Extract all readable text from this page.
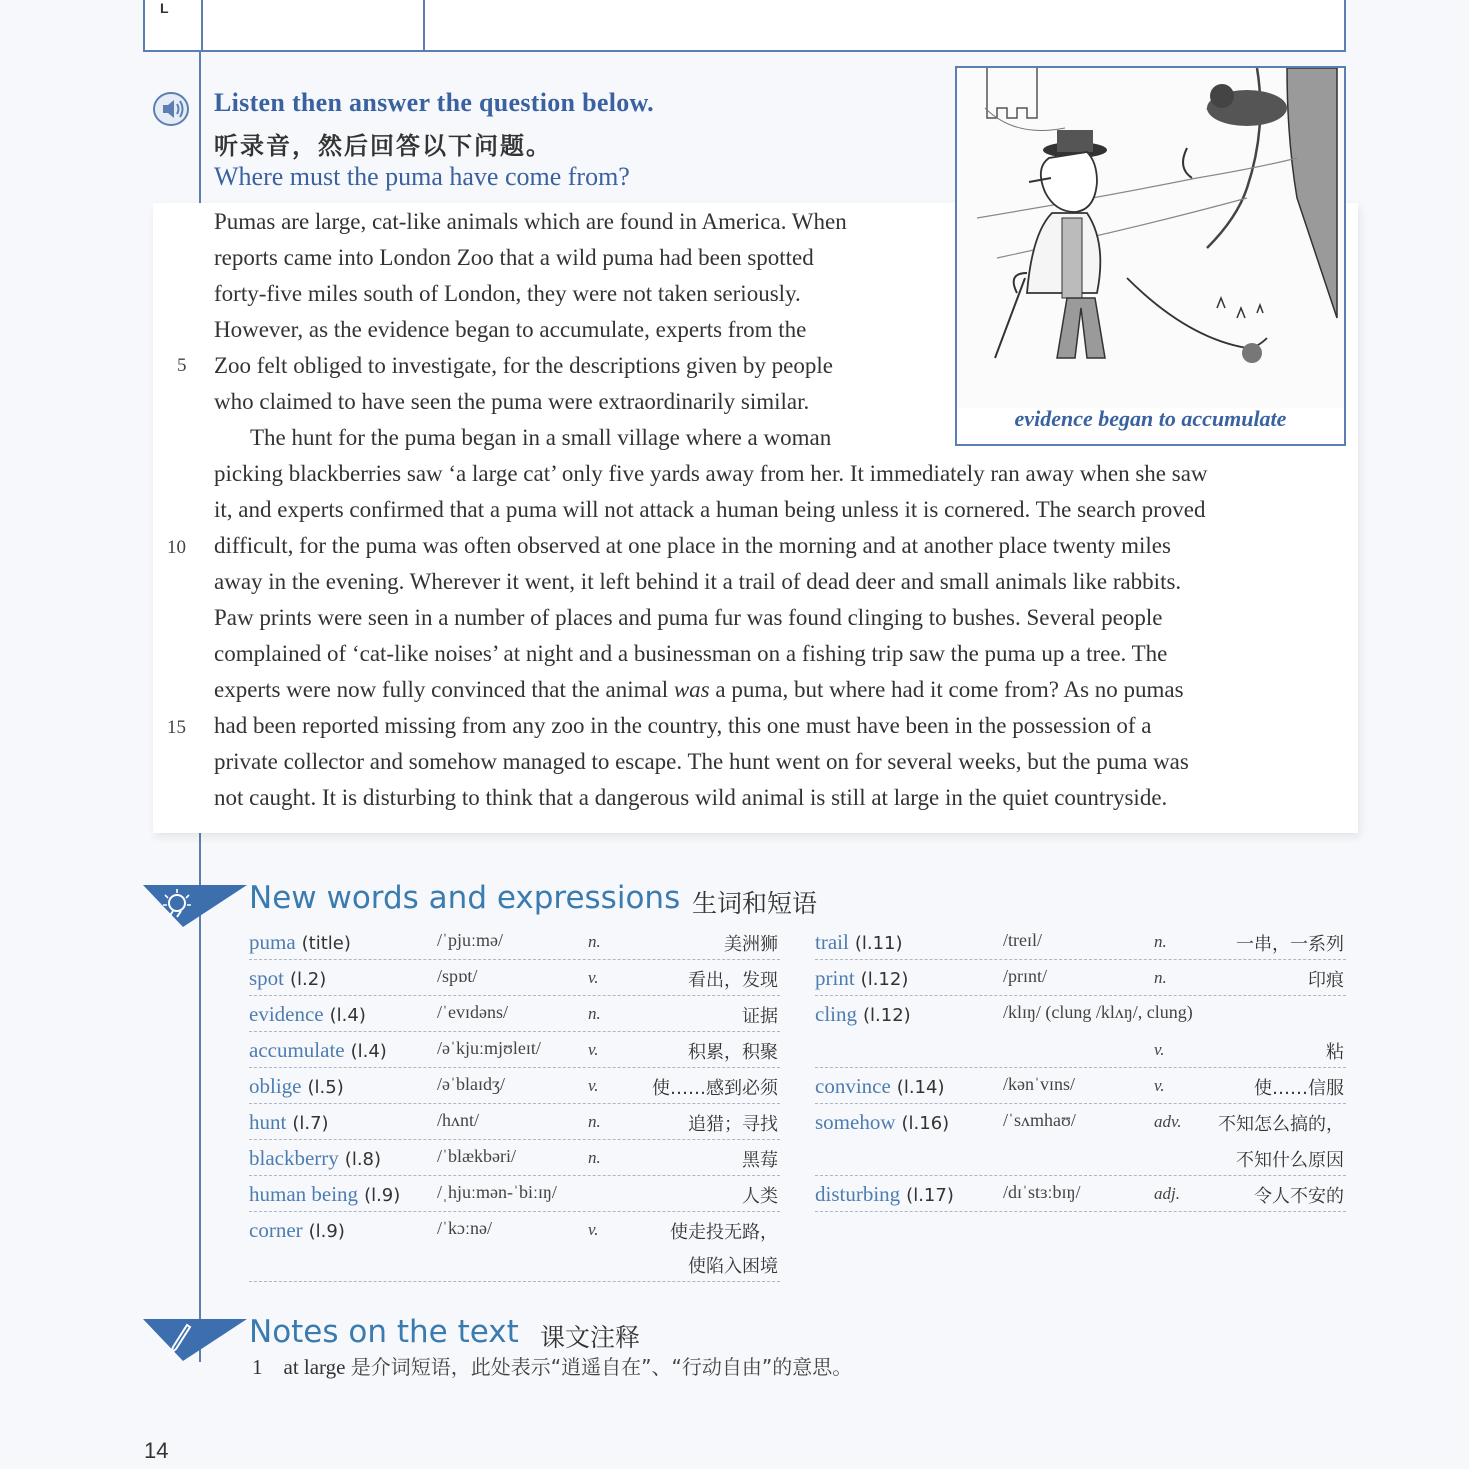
L
Listen then answer the question below.
听录音，然后回答以下问题。
Where must the puma have come from?
evidence began to accumulate
Pumas are large, cat-like animals which are found in America. When
reports came into London Zoo that a wild puma had been spotted
forty-five miles south of London, they were not taken seriously.
However, as the evidence began to accumulate, experts from the
Zoo felt obliged to investigate, for the descriptions given by people
who claimed to have seen the puma were extraordinarily similar.
The hunt for the puma began in a small village where a woman
picking blackberries saw ‘a large cat’ only five yards away from her. It immediately ran away when she saw
it, and experts confirmed that a puma will not attack a human being unless it is cornered. The search proved
difficult, for the puma was often observed at one place in the morning and at another place twenty miles
away in the evening. Wherever it went, it left behind it a trail of dead deer and small animals like rabbits.
Paw prints were seen in a number of places and puma fur was found clinging to bushes. Several people
complained of ‘cat-like noises’ at night and a businessman on a fishing trip saw the puma up a tree. The
experts were now fully convinced that the animal was a puma, but where had it come from? As no pumas
had been reported missing from any zoo in the country, this one must have been in the possession of a
private collector and somehow managed to escape. The hunt went on for several weeks, but the puma was
not caught. It is disturbing to think that a dangerous wild animal is still at large in the quiet countryside.
5
10
15
New words and expressions 生词和短语
puma (title)	/ˈpjuːmə/	n.	美洲狮
spot (l.2)	/spɒt/	v.	看出，发现
evidence (l.4)	/ˈevɪdəns/	n.	证据
accumulate (l.4)	/əˈkjuːmjʊleɪt/	v.	积累，积聚
oblige (l.5)	/əˈblaɪdʒ/	v.	使……感到必须
hunt (l.7)	/hʌnt/	n.	追猎；寻找
blackberry (l.8)	/ˈblækbəri/	n.	黑莓
human being (l.9) /ˌhjuːmən-ˈbiːɪŋ/	人类
corner (l.9)	/ˈkɔːnə/	v.	使走投无路，
使陷入困境
trail (l.11)	/treɪl/	n.	一串，一系列
print (l.12)	/prɪnt/	n.	印痕
cling (l.12)	/klɪŋ/ (clung /klʌŋ/, clung)
v.	粘
convince (l.14)	/kənˈvɪns/	v.	使……信服
somehow (l.16)	/ˈsʌmhaʊ/	adv. 不知怎么搞的，
不知什么原因
disturbing (l.17)	/dɪˈstɜːbɪŋ/	adj.	令人不安的
Notes on the text 课文注释
1 at large 是介词短语，此处表示“逍遥自在”、“行动自由”的意思。
14
